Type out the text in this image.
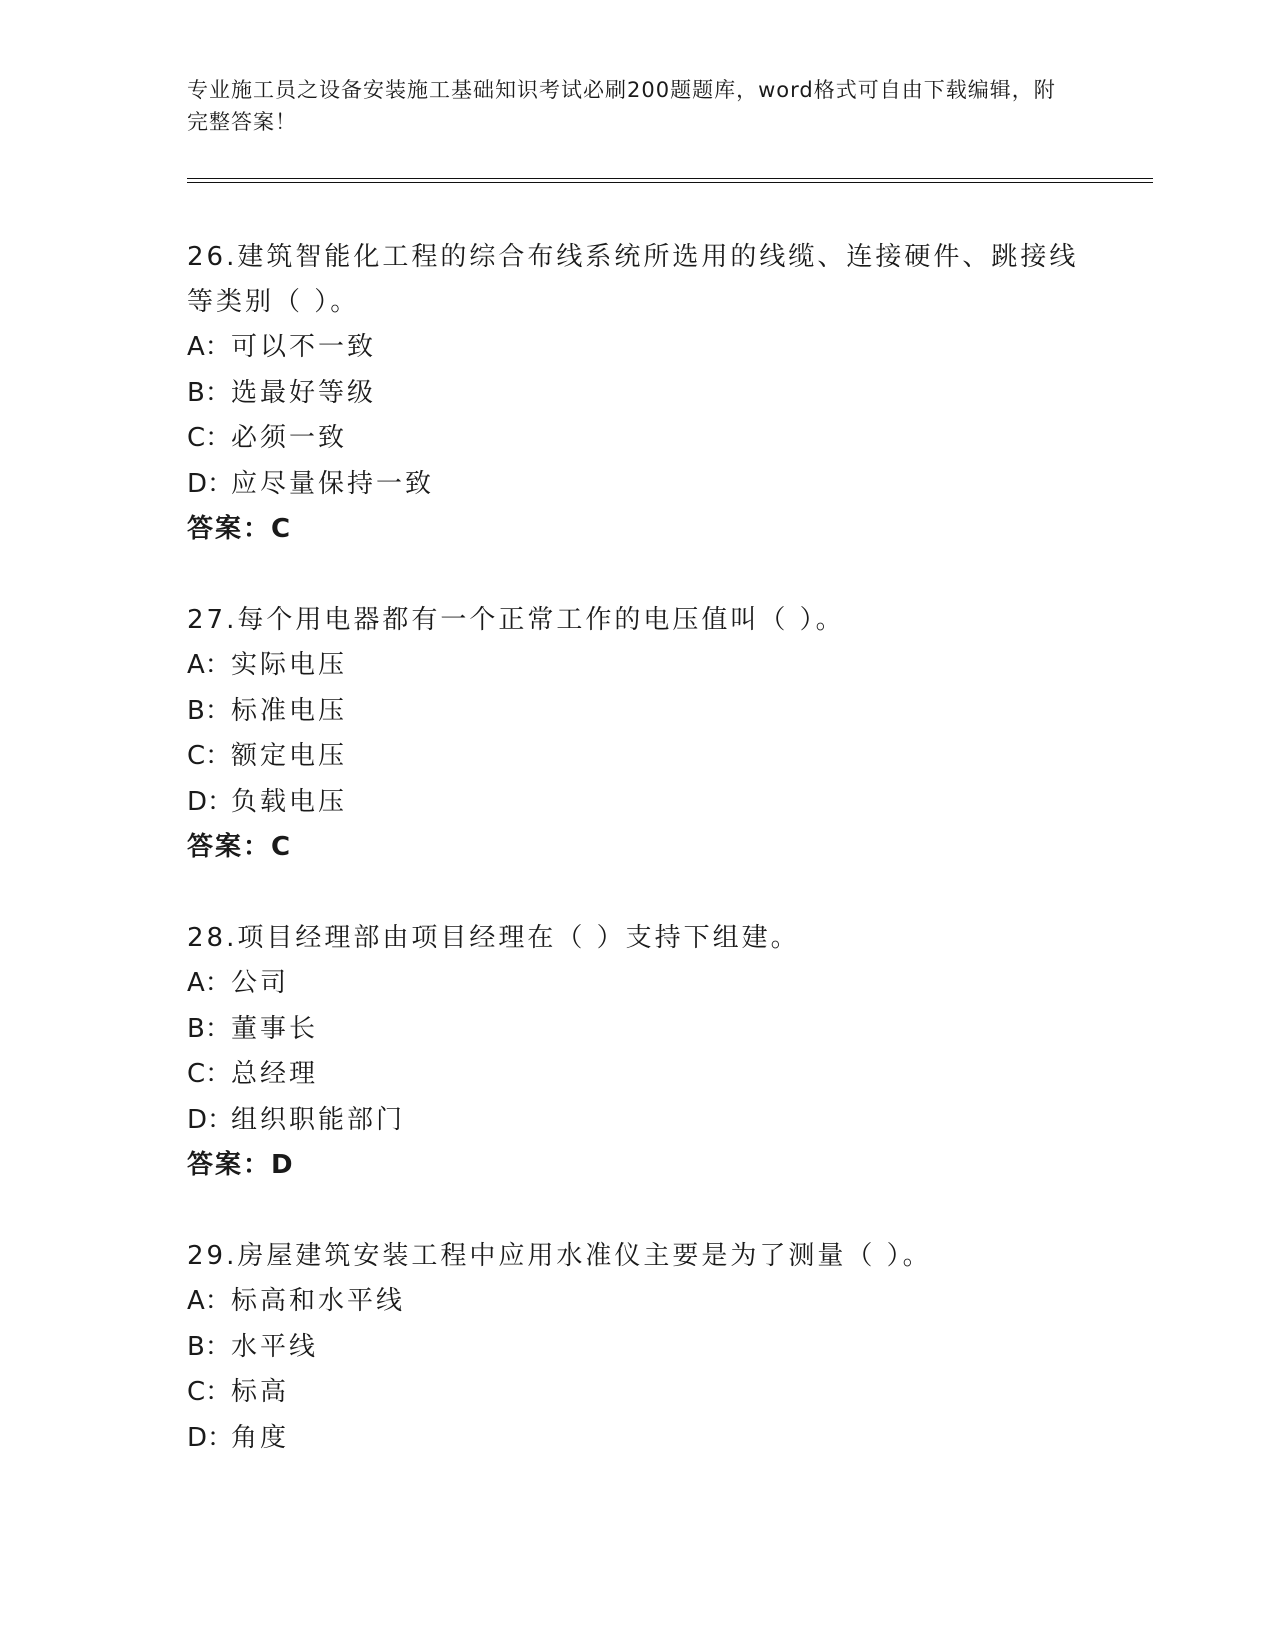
专业施工员之设备安装施工基础知识考试必刷200题题库，word格式可自由下载编辑，附完整答案！
26.建筑智能化工程的综合布线系统所选用的线缆、连接硬件、跳接线等类别（ ）。
A：可以不一致
B：选最好等级
C：必须一致
D：应尽量保持一致
答案：C
27.每个用电器都有一个正常工作的电压值叫（ ）。
A：实际电压
B：标准电压
C：额定电压
D：负载电压
答案：C
28.项目经理部由项目经理在（ ）支持下组建。
A：公司
B：董事长
C：总经理
D：组织职能部门
答案：D
29.房屋建筑安装工程中应用水准仪主要是为了测量（ ）。
A：标高和水平线
B：水平线
C：标高
D：角度
